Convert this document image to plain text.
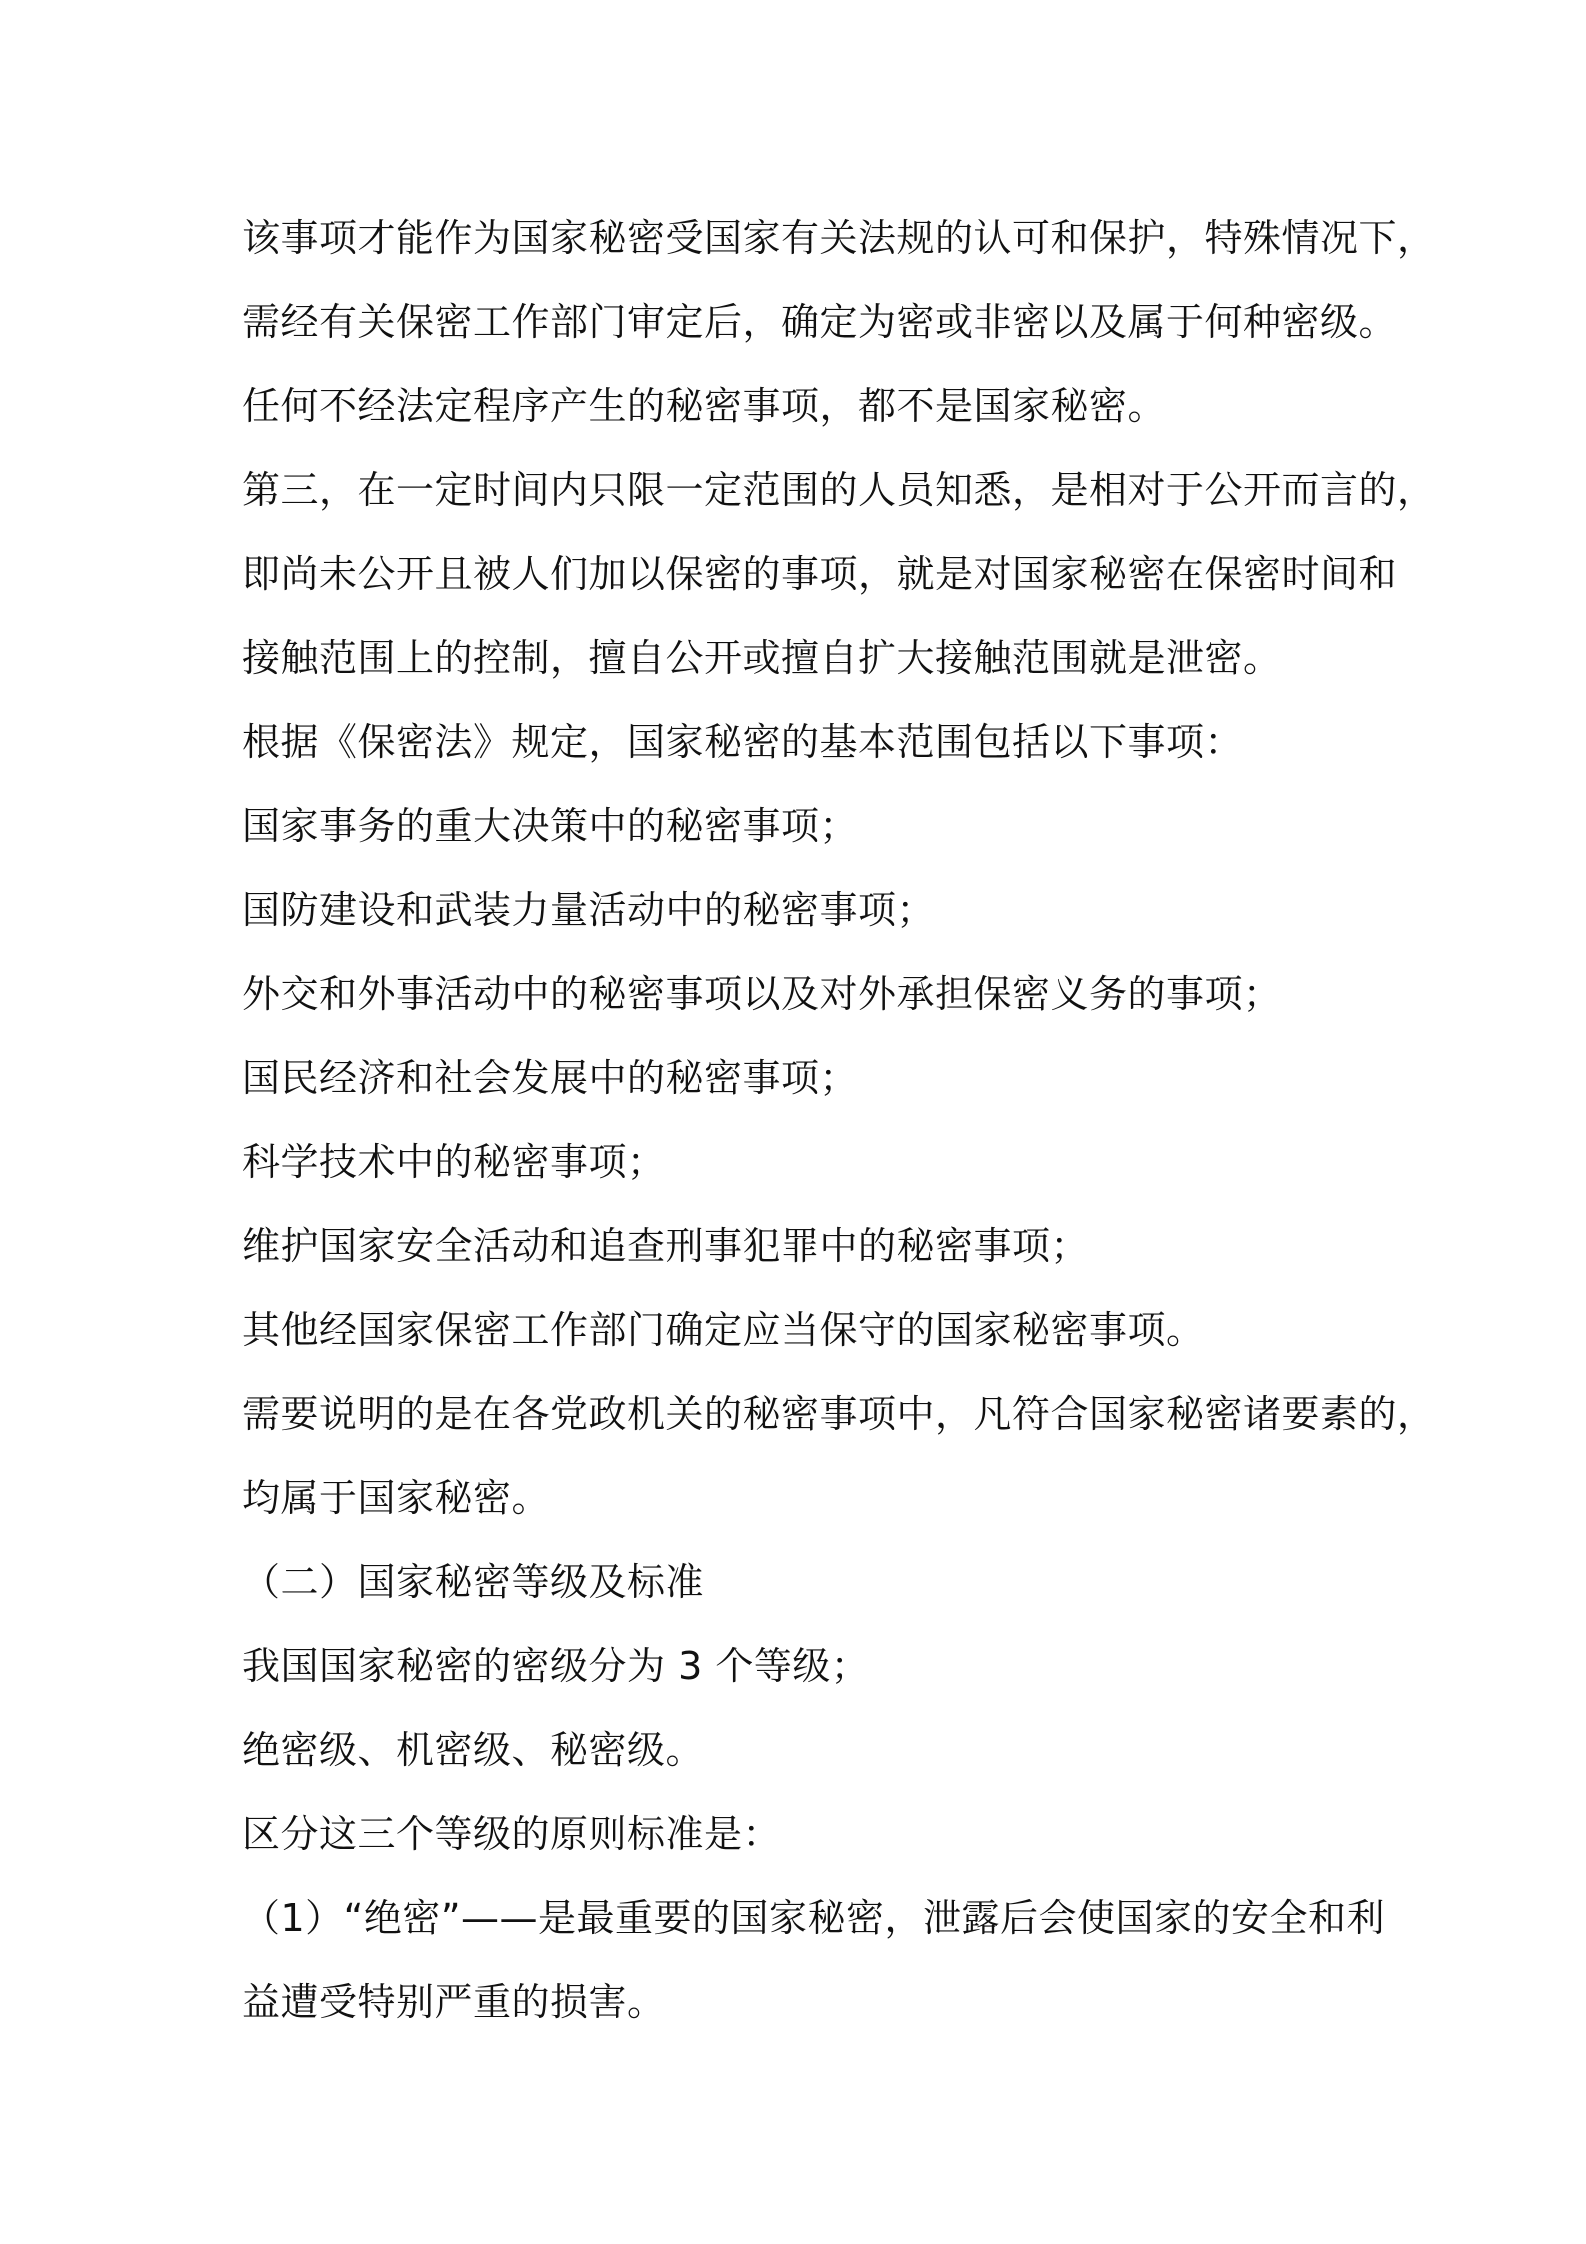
该事项才能作为国家秘密受国家有关法规的认可和保护，特殊情况下，
需经有关保密工作部门审定后，确定为密或非密以及属于何种密级。
任何不经法定程序产生的秘密事项，都不是国家秘密。
第三，在一定时间内只限一定范围的人员知悉，是相对于公开而言的，
即尚未公开且被人们加以保密的事项，就是对国家秘密在保密时间和
接触范围上的控制，擅自公开或擅自扩大接触范围就是泄密。
根据《保密法》规定，国家秘密的基本范围包括以下事项：
国家事务的重大决策中的秘密事项；
国防建设和武装力量活动中的秘密事项；
外交和外事活动中的秘密事项以及对外承担保密义务的事项；
国民经济和社会发展中的秘密事项；
科学技术中的秘密事项；
维护国家安全活动和追查刑事犯罪中的秘密事项；
其他经国家保密工作部门确定应当保守的国家秘密事项。
需要说明的是在各党政机关的秘密事项中，凡符合国家秘密诸要素的，
均属于国家秘密。
（二）国家秘密等级及标准
我国国家秘密的密级分为 3 个等级；
绝密级、机密级、秘密级。
区分这三个等级的原则标准是：
（1）“绝密”——是最重要的国家秘密，泄露后会使国家的安全和利
益遭受特别严重的损害。
